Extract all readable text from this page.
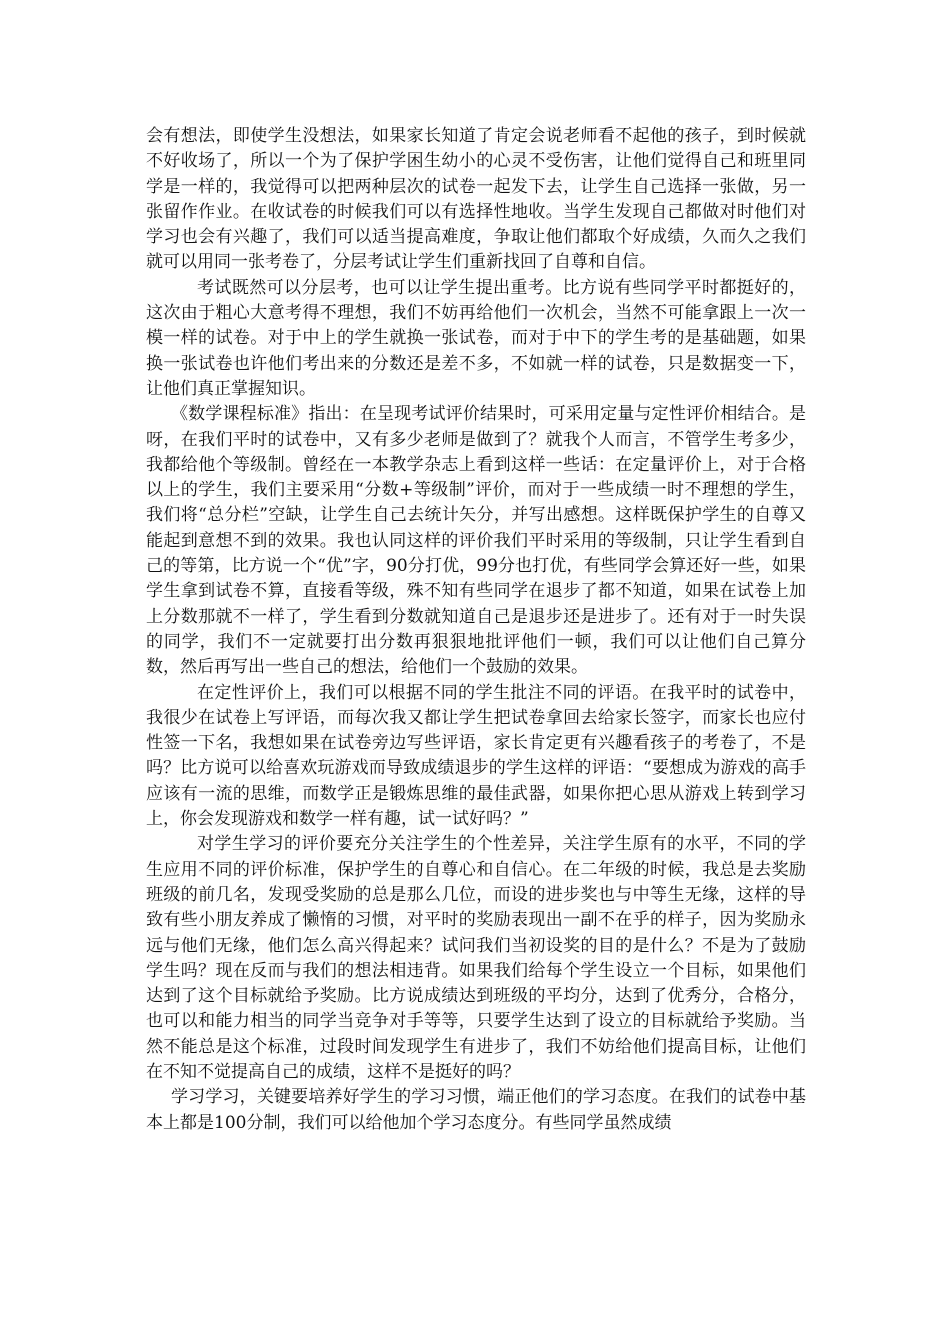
会有想法，即使学生没想法，如果家长知道了肯定会说老师看不起他的孩子，到时候就不好收场了，所以一个为了保护学困生幼小的心灵不受伤害，让他们觉得自己和班里同学是一样的，我觉得可以把两种层次的试卷一起发下去，让学生自己选择一张做，另一张留作作业。在收试卷的时候我们可以有选择性地收。当学生发现自己都做对时他们对学习也会有兴趣了，我们可以适当提高难度，争取让他们都取个好成绩，久而久之我们就可以用同一张考卷了，分层考试让学生们重新找回了自尊和自信。

考试既然可以分层考，也可以让学生提出重考。比方说有些同学平时都挺好的，这次由于粗心大意考得不理想，我们不妨再给他们一次机会，当然不可能拿跟上一次一模一样的试卷。对于中上的学生就换一张试卷，而对于中下的学生考的是基础题，如果换一张试卷也许他们考出来的分数还是差不多，不如就一样的试卷，只是数据变一下，让他们真正掌握知识。

《数学课程标准》指出：在呈现考试评价结果时，可采用定量与定性评价相结合。是呀，在我们平时的试卷中，又有多少老师是做到了？就我个人而言，不管学生考多少，我都给他个等级制。曾经在一本教学杂志上看到这样一些话：在定量评价上，对于合格以上的学生，我们主要采用“分数+等级制”评价，而对于一些成绩一时不理想的学生，我们将“总分栏”空缺，让学生自己去统计矢分，并写出感想。这样既保护学生的自尊又能起到意想不到的效果。我也认同这样的评价我们平时采用的等级制，只让学生看到自己的等第，比方说一个“优”字，90分打优，99分也打优，有些同学会算还好一些，如果学生拿到试卷不算，直接看等级，殊不知有些同学在退步了都不知道，如果在试卷上加上分数那就不一样了，学生看到分数就知道自己是退步还是进步了。还有对于一时失误的同学，我们不一定就要打出分数再狠狠地批评他们一顿，我们可以让他们自己算分数，然后再写出一些自己的想法，给他们一个鼓励的效果。

在定性评价上，我们可以根据不同的学生批注不同的评语。在我平时的试卷中，我很少在试卷上写评语，而每次我又都让学生把试卷拿回去给家长签字，而家长也应付性签一下名，我想如果在试卷旁边写些评语，家长肯定更有兴趣看孩子的考卷了，不是吗？比方说可以给喜欢玩游戏而导致成绩退步的学生这样的评语：“要想成为游戏的高手应该有一流的思维，而数学正是锻炼思维的最佳武器，如果你把心思从游戏上转到学习上，你会发现游戏和数学一样有趣，试一试好吗？”

对学生学习的评价要充分关注学生的个性差异，关注学生原有的水平，不同的学生应用不同的评价标准，保护学生的自尊心和自信心。在二年级的时候，我总是去奖励班级的前几名，发现受奖励的总是那么几位，而设的进步奖也与中等生无缘，这样的导致有些小朋友养成了懒惰的习惯，对平时的奖励表现出一副不在乎的样子，因为奖励永远与他们无缘，他们怎么高兴得起来？试问我们当初设奖的目的是什么？不是为了鼓励学生吗？现在反而与我们的想法相违背。如果我们给每个学生设立一个目标，如果他们达到了这个目标就给予奖励。比方说成绩达到班级的平均分，达到了优秀分，合格分，也可以和能力相当的同学当竞争对手等等，只要学生达到了设立的目标就给予奖励。当然不能总是这个标准，过段时间发现学生有进步了，我们不妨给他们提高目标，让他们在不知不觉提高自己的成绩，这样不是挺好的吗？

学习学习，关键要培养好学生的学习习惯，端正他们的学习态度。在我们的试卷中基本上都是100分制，我们可以给他加个学习态度分。有些同学虽然成绩
